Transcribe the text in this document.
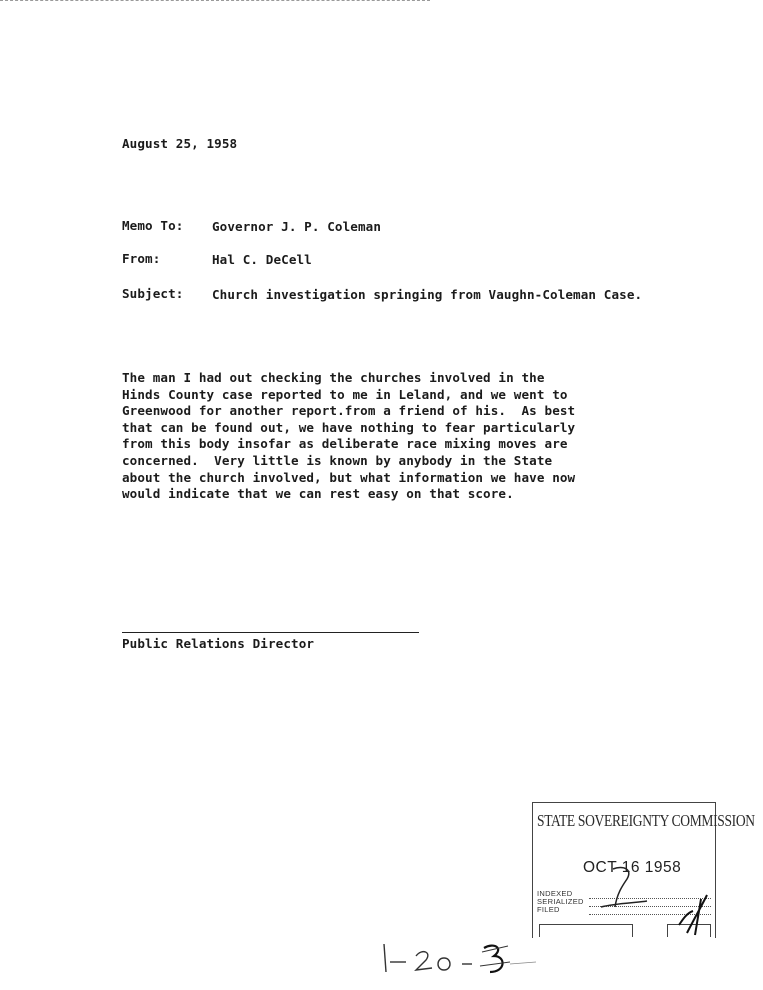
August 25, 1958
Memo To:	Governor J. P. Coleman
From:	Hal C. DeCell
Subject:	Church investigation springing from Vaughn-Coleman Case.
The man I had out checking the churches involved in the
Hinds County case reported to me in Leland, and we went to
Greenwood for another report.from a friend of his.  As best
that can be found out, we have nothing to fear particularly
from this body insofar as deliberate race mixing moves are
concerned.  Very little is known by anybody in the State
about the church involved, but what information we have now
would indicate that we can rest easy on that score.
Public Relations Director
STATE SOVEREIGNTY COMMISSION
OCT 16 1958
INDEXED
SERIALIZED
FILED
